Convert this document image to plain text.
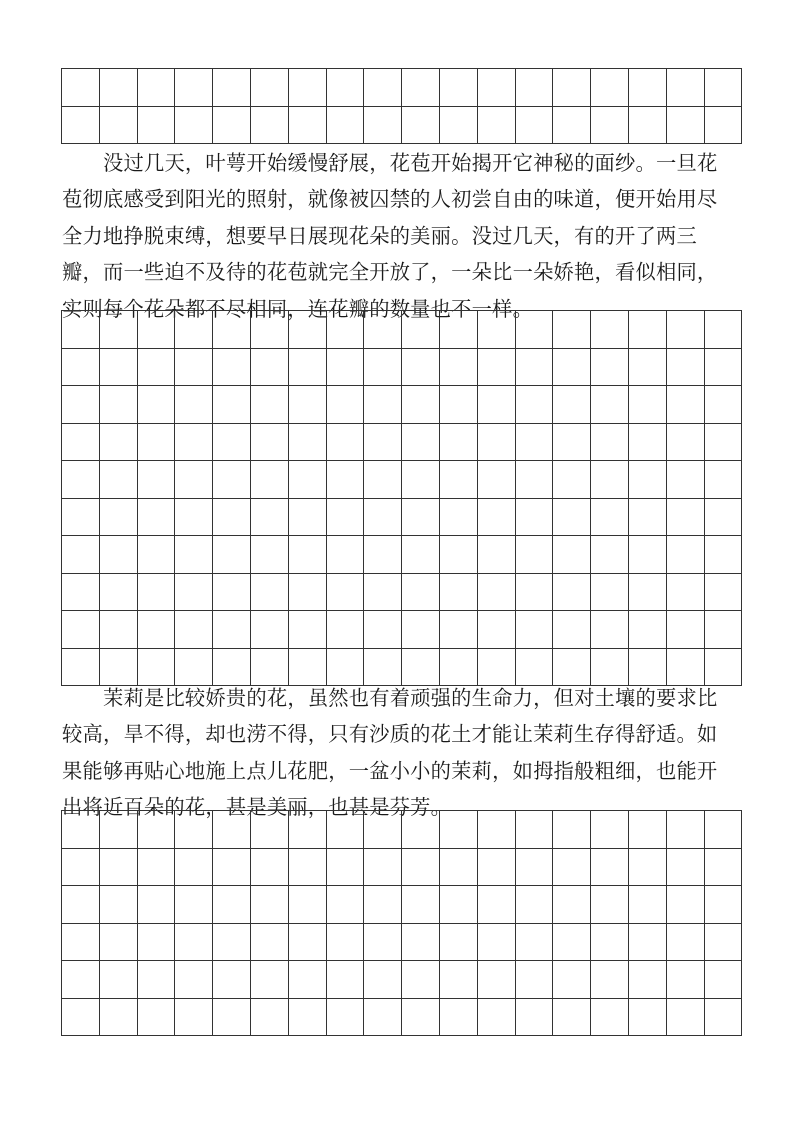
没过几天，叶萼开始缓慢舒展，花苞开始揭开它神秘的面纱。一旦花苞彻底感受到阳光的照射，就像被囚禁的人初尝自由的味道，便开始用尽全力地挣脱束缚，想要早日展现花朵的美丽。没过几天，有的开了两三瓣，而一些迫不及待的花苞就完全开放了，一朵比一朵娇艳，看似相同，实则每个花朵都不尽相同，连花瓣的数量也不一样。

茉莉是比较娇贵的花，虽然也有着顽强的生命力，但对土壤的要求比较高，旱不得，却也涝不得，只有沙质的花土才能让茉莉生存得舒适。如果能够再贴心地施上点儿花肥，一盆小小的茉莉，如拇指般粗细，也能开出将近百朵的花，甚是美丽，也甚是芬芳。
